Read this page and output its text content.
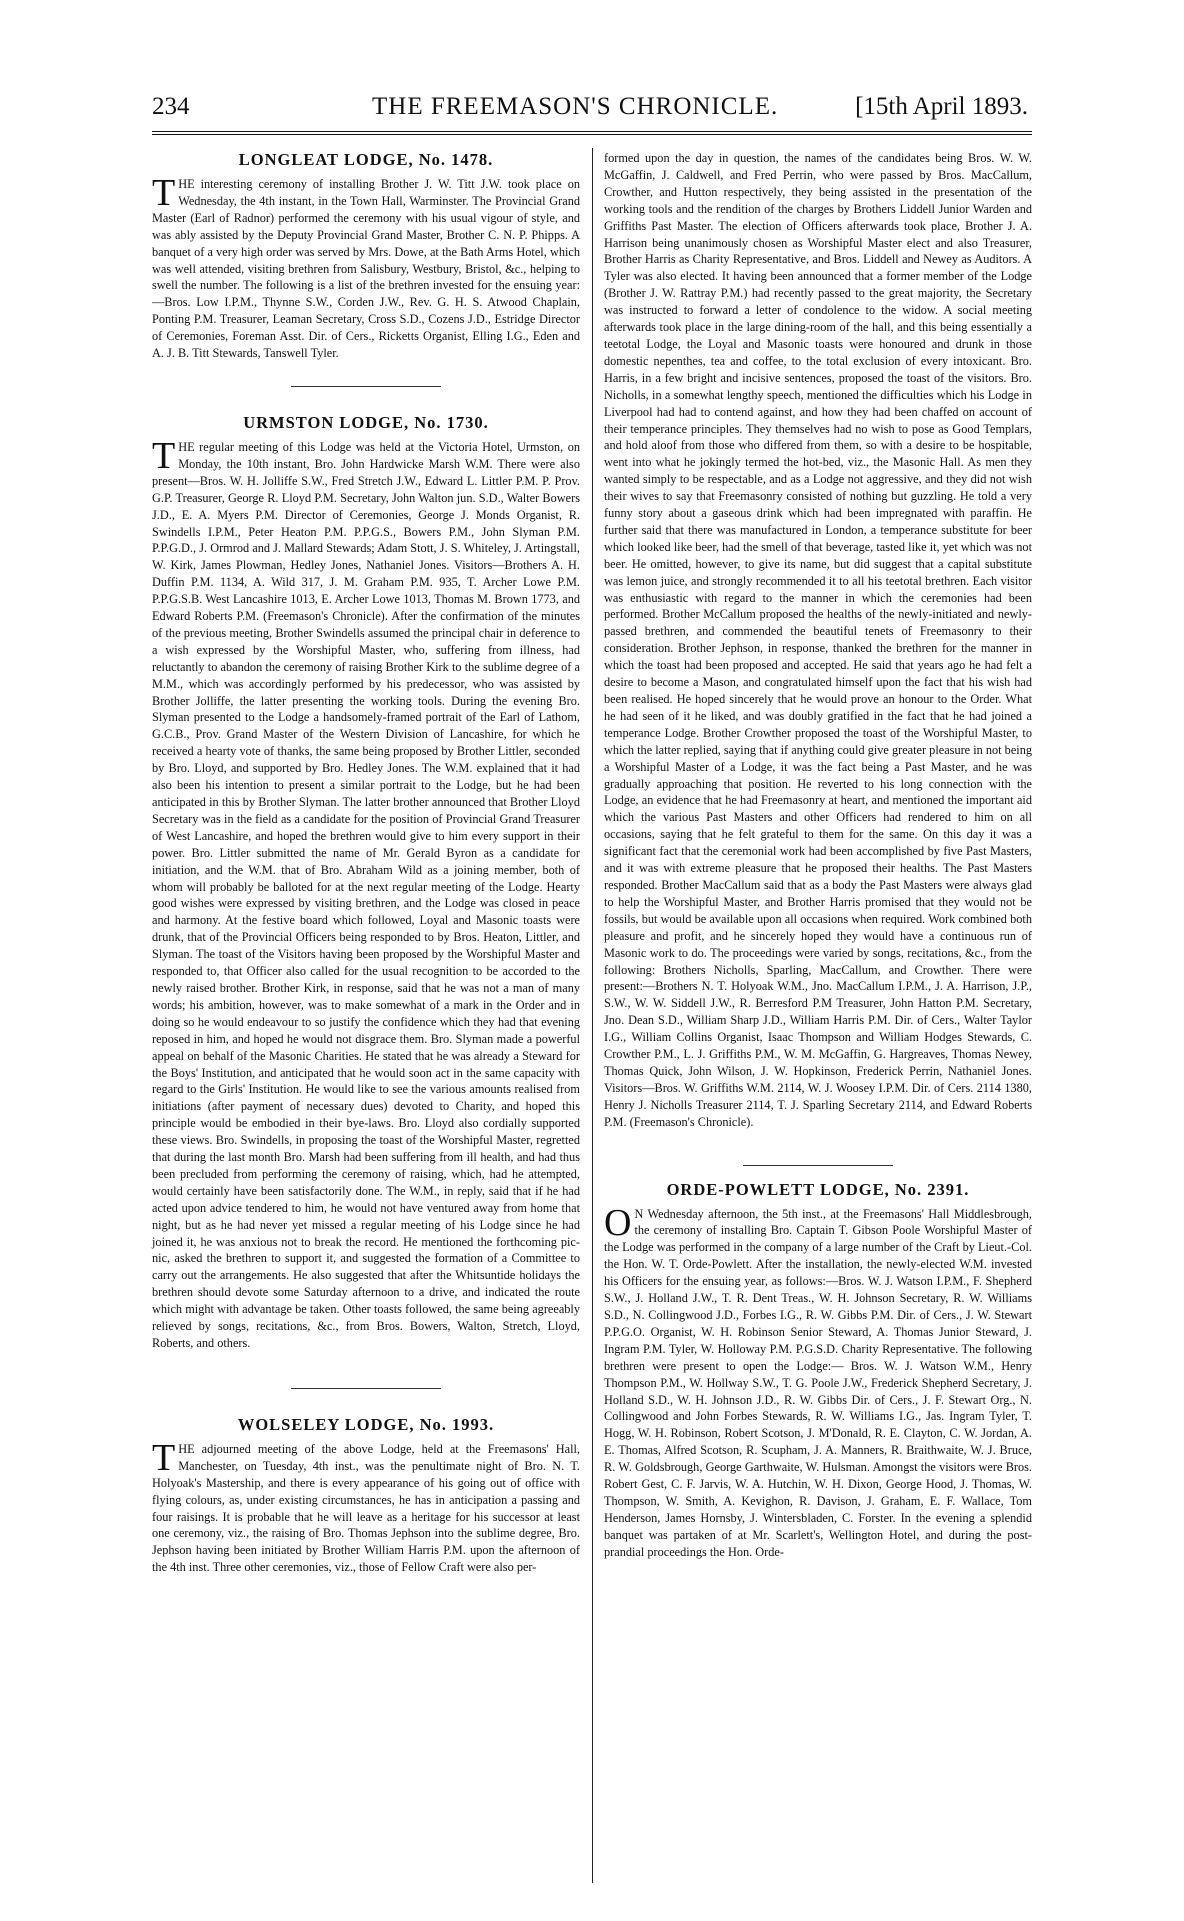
234	THE FREEMASON'S CHRONICLE.	[15th April 1893.
LONGLEAT LODGE, No. 1478.

THE interesting ceremony of installing Brother J. W. Titt J.W. took place on Wednesday, the 4th instant, in the Town Hall, Warminster. The Provincial Grand Master (Earl of Radnor) performed the ceremony with his usual vigour of style, and was ably assisted by the Deputy Provincial Grand Master, Brother C. N. P. Phipps. A banquet of a very high order was served by Mrs. Dowe, at the Bath Arms Hotel, which was well attended, visiting brethren from Salisbury, Westbury, Bristol, &c., helping to swell the number. The following is a list of the brethren invested for the ensuing year:—Bros. Low I.P.M., Thynne S.W., Corden J.W., Rev. G. H. S. Atwood Chaplain, Ponting P.M. Treasurer, Leaman Secretary, Cross S.D., Cozens J.D., Estridge Director of Ceremonies, Foreman Asst. Dir. of Cers., Ricketts Organist, Elling I.G., Eden and A. J. B. Titt Stewards, Tanswell Tyler.

URMSTON LODGE, No. 1730.

THE regular meeting of this Lodge was held at the Victoria Hotel, Urmston, on Monday, the 10th instant, Bro. John Hardwicke Marsh W.M. There were also present—Bros. W. H. Jolliffe S.W., Fred Stretch J.W., Edward L. Littler P.M. P. Prov. G.P. Treasurer, George R. Lloyd P.M. Secretary, John Walton jun. S.D., Walter Bowers J.D., E. A. Myers P.M. Director of Ceremonies, George J. Monds Organist, R. Swindells I.P.M., Peter Heaton P.M. P.P.G.S., Bowers P.M., John Slyman P.M. P.P.G.D., J. Ormrod and J. Mallard Stewards; Adam Stott, J. S. Whiteley, J. Artingstall, W. Kirk, James Plowman, Hedley Jones, Nathaniel Jones. Visitors—Brothers A. H. Duffin P.M. 1134, A. Wild 317, J. M. Graham P.M. 935, T. Archer Lowe P.M. P.P.G.S.B. West Lancashire 1013, E. Archer Lowe 1013, Thomas M. Brown 1773, and Edward Roberts P.M. (Freemason's Chronicle). After the confirmation of the minutes of the previous meeting, Brother Swindells assumed the principal chair in deference to a wish expressed by the Worshipful Master, who, suffering from illness, had reluctantly to abandon the ceremony of raising Brother Kirk to the sublime degree of a M.M., which was accordingly performed by his predecessor, who was assisted by Brother Jolliffe, the latter presenting the working tools. During the evening Bro. Slyman presented to the Lodge a handsomely-framed portrait of the Earl of Lathom, G.C.B., Prov. Grand Master of the Western Division of Lancashire, for which he received a hearty vote of thanks, the same being proposed by Brother Littler, seconded by Bro. Lloyd, and supported by Bro. Hedley Jones. The W.M. explained that it had also been his intention to present a similar portrait to the Lodge, but he had been anticipated in this by Brother Slyman. The latter brother announced that Brother Lloyd Secretary was in the field as a candidate for the position of Provincial Grand Treasurer of West Lancashire, and hoped the brethren would give to him every support in their power. Bro. Littler submitted the name of Mr. Gerald Byron as a candidate for initiation, and the W.M. that of Bro. Abraham Wild as a joining member, both of whom will probably be balloted for at the next regular meeting of the Lodge. Hearty good wishes were expressed by visiting brethren, and the Lodge was closed in peace and harmony. At the festive board which followed, Loyal and Masonic toasts were drunk, that of the Provincial Officers being responded to by Bros. Heaton, Littler, and Slyman. The toast of the Visitors having been proposed by the Worshipful Master and responded to, that Officer also called for the usual recognition to be accorded to the newly raised brother. Brother Kirk, in response, said that he was not a man of many words; his ambition, however, was to make somewhat of a mark in the Order and in doing so he would endeavour to so justify the confidence which they had that evening reposed in him, and hoped he would not disgrace them. Bro. Slyman made a powerful appeal on behalf of the Masonic Charities. He stated that he was already a Steward for the Boys' Institution, and anticipated that he would soon act in the same capacity with regard to the Girls' Institution. He would like to see the various amounts realised from initiations (after payment of necessary dues) devoted to Charity, and hoped this principle would be embodied in their bye-laws. Bro. Lloyd also cordially supported these views. Bro. Swindells, in proposing the toast of the Worshipful Master, regretted that during the last month Bro. Marsh had been suffering from ill health, and had thus been precluded from performing the ceremony of raising, which, had he attempted, would certainly have been satisfactorily done. The W.M., in reply, said that if he had acted upon advice tendered to him, he would not have ventured away from home that night, but as he had never yet missed a regular meeting of his Lodge since he had joined it, he was anxious not to break the record. He mentioned the forthcoming pic-nic, asked the brethren to support it, and suggested the formation of a Committee to carry out the arrangements. He also suggested that after the Whitsuntide holidays the brethren should devote some Saturday afternoon to a drive, and indicated the route which might with advantage be taken. Other toasts followed, the same being agreeably relieved by songs, recitations, &c., from Bros. Bowers, Walton, Stretch, Lloyd, Roberts, and others.

WOLSELEY LODGE, No. 1993.

THE adjourned meeting of the above Lodge, held at the Freemasons' Hall, Manchester, on Tuesday, 4th inst., was the penultimate night of Bro. N. T. Holyoak's Mastership, and there is every appearance of his going out of office with flying colours, as, under existing circumstances, he has in anticipation a passing and four raisings. It is probable that he will leave as a heritage for his successor at least one ceremony, viz., the raising of Bro. Thomas Jephson into the sublime degree, Bro. Jephson having been initiated by Brother William Harris P.M. upon the afternoon of the 4th inst. Three other ceremonies, viz., those of Fellow Craft were also per-

formed upon the day in question, the names of the candidates being Bros. W. W. McGaffin, J. Caldwell, and Fred Perrin, who were passed by Bros. MacCallum, Crowther, and Hutton respectively, they being assisted in the presentation of the working tools and the rendition of the charges by Brothers Liddell Junior Warden and Griffiths Past Master. The election of Officers afterwards took place, Brother J. A. Harrison being unanimously chosen as Worshipful Master elect and also Treasurer, Brother Harris as Charity Representative, and Bros. Liddell and Newey as Auditors. A Tyler was also elected. It having been announced that a former member of the Lodge (Brother J. W. Rattray P.M.) had recently passed to the great majority, the Secretary was instructed to forward a letter of condolence to the widow. A social meeting afterwards took place in the large dining-room of the hall, and this being essentially a teetotal Lodge, the Loyal and Masonic toasts were honoured and drunk in those domestic nepenthes, tea and coffee, to the total exclusion of every intoxicant. Bro. Harris, in a few bright and incisive sentences, proposed the toast of the visitors. Bro. Nicholls, in a somewhat lengthy speech, mentioned the difficulties which his Lodge in Liverpool had had to contend against, and how they had been chaffed on account of their temperance principles. They themselves had no wish to pose as Good Templars, and hold aloof from those who differed from them, so with a desire to be hospitable, went into what he jokingly termed the hot-bed, viz., the Masonic Hall. As men they wanted simply to be respectable, and as a Lodge not aggressive, and they did not wish their wives to say that Freemasonry consisted of nothing but guzzling. He told a very funny story about a gaseous drink which had been impregnated with paraffin. He further said that there was manufactured in London, a temperance substitute for beer which looked like beer, had the smell of that beverage, tasted like it, yet which was not beer. He omitted, however, to give its name, but did suggest that a capital substitute was lemon juice, and strongly recommended it to all his teetotal brethren. Each visitor was enthusiastic with regard to the manner in which the ceremonies had been performed. Brother McCallum proposed the healths of the newly-initiated and newly-passed brethren, and commended the beautiful tenets of Freemasonry to their consideration. Brother Jephson, in response, thanked the brethren for the manner in which the toast had been proposed and accepted. He said that years ago he had felt a desire to become a Mason, and congratulated himself upon the fact that his wish had been realised. He hoped sincerely that he would prove an honour to the Order. What he had seen of it he liked, and was doubly gratified in the fact that he had joined a temperance Lodge. Brother Crowther proposed the toast of the Worshipful Master, to which the latter replied, saying that if anything could give greater pleasure in not being a Worshipful Master of a Lodge, it was the fact being a Past Master, and he was gradually approaching that position. He reverted to his long connection with the Lodge, an evidence that he had Freemasonry at heart, and mentioned the important aid which the various Past Masters and other Officers had rendered to him on all occasions, saying that he felt grateful to them for the same. On this day it was a significant fact that the ceremonial work had been accomplished by five Past Masters, and it was with extreme pleasure that he proposed their healths. The Past Masters responded. Brother MacCallum said that as a body the Past Masters were always glad to help the Worshipful Master, and Brother Harris promised that they would not be fossils, but would be available upon all occasions when required. Work combined both pleasure and profit, and he sincerely hoped they would have a continuous run of Masonic work to do. The proceedings were varied by songs, recitations, &c., from the following: Brothers Nicholls, Sparling, MacCallum, and Crowther. There were present:—Brothers N. T. Holyoak W.M., Jno. MacCallum I.P.M., J. A. Harrison, J.P., S.W., W. W. Siddell J.W., R. Berresford P.M Treasurer, John Hatton P.M. Secretary, Jno. Dean S.D., William Sharp J.D., William Harris P.M. Dir. of Cers., Walter Taylor I.G., William Collins Organist, Isaac Thompson and William Hodges Stewards, C. Crowther P.M., L. J. Griffiths P.M., W. M. McGaffin, G. Hargreaves, Thomas Newey, Thomas Quick, John Wilson, J. W. Hopkinson, Frederick Perrin, Nathaniel Jones. Visitors—Bros. W. Griffiths W.M. 2114, W. J. Woosey I.P.M. Dir. of Cers. 2114 1380, Henry J. Nicholls Treasurer 2114, T. J. Sparling Secretary 2114, and Edward Roberts P.M. (Freemason's Chronicle).

ORDE-POWLETT LODGE, No. 2391.

O N Wednesday afternoon, the 5th inst., at the Freemasons' Hall Middlesbrough, the ceremony of installing Bro. Captain T. Gibson Poole Worshipful Master of the Lodge was performed in the company of a large number of the Craft by Lieut.-Col. the Hon. W. T. Orde-Powlett. After the installation, the newly-elected W.M. invested his Officers for the ensuing year, as follows:—Bros. W. J. Watson I.P.M., F. Shepherd S.W., J. Holland J.W., T. R. Dent Treas., W. H. Johnson Secretary, R. W. Williams S.D., N. Collingwood J.D., Forbes I.G., R. W. Gibbs P.M. Dir. of Cers., J. W. Stewart P.P.G.O. Organist, W. H. Robinson Senior Steward, A. Thomas Junior Steward, J. Ingram P.M. Tyler, W. Holloway P.M. P.G.S.D. Charity Representative. The following brethren were present to open the Lodge:— Bros. W. J. Watson W.M., Henry Thompson P.M., W. Hollway S.W., T. G. Poole J.W., Frederick Shepherd Secretary, J. Holland S.D., W. H. Johnson J.D., R. W. Gibbs Dir. of Cers., J. F. Stewart Org., N. Collingwood and John Forbes Stewards, R. W. Williams I.G., Jas. Ingram Tyler, T. Hogg, W. H. Robinson, Robert Scotson, J. M'Donald, R. E. Clayton, C. W. Jordan, A. E. Thomas, Alfred Scotson, R. Scupham, J. A. Manners, R. Braithwaite, W. J. Bruce, R. W. Goldsbrough, George Garthwaite, W. Hulsman. Amongst the visitors were Bros. Robert Gest, C. F. Jarvis, W. A. Hutchin, W. H. Dixon, George Hood, J. Thomas, W. Thompson, W. Smith, A. Kevighon, R. Davison, J. Graham, E. F. Wallace, Tom Henderson, James Hornsby, J. Wintersbladen, C. Forster. In the evening a splendid banquet was partaken of at Mr. Scarlett's, Wellington Hotel, and during the post-prandial proceedings the Hon. Orde-
